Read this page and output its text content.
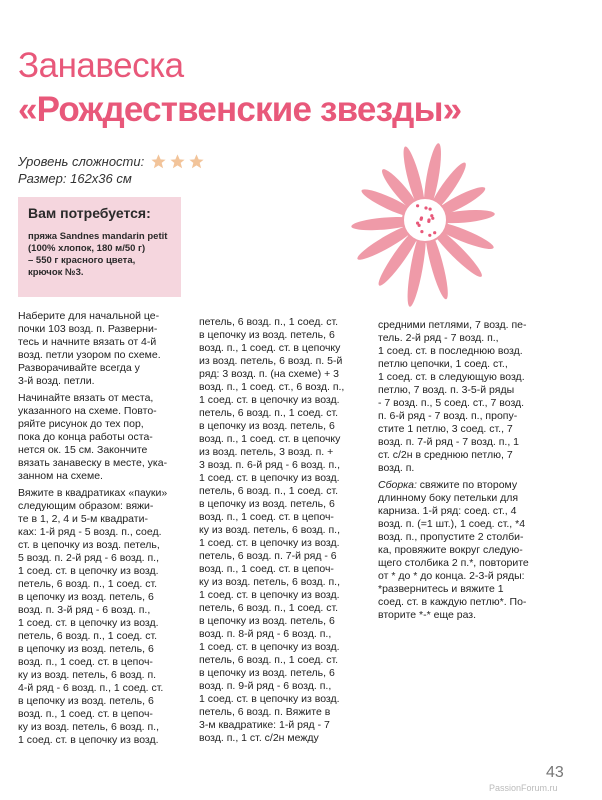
Занавеска
«Рождественские звезды»
Уровень сложности:
Размер: 162х36 см
Вам потребуется:
пряжа Sandnes mandarin petit
(100% хлопок, 180 м/50 г)
– 550 г красного цвета,
крючок №3.

Наберите для начальной це-
почки 103 возд. п. Разверни-
тесь и начните вязать от 4-й
возд. петли узором по схеме.
Разворачивайте всегда у
3-й возд. петли.

Начинайте вязать от места,
указанного на схеме. Повто-
ряйте рисунок до тех пор,
пока до конца работы оста-
нется ок. 15 см. Закончите
вязать занавеску в месте, ука-
занном на схеме.

Вяжите в квадратиках «пауки»
следующим образом: вяжи-
те в 1, 2, 4 и 5-м квадрати-
ках: 1-й ряд - 5 возд. п., соед.
ст. в цепочку из возд. петель,
5 возд. п. 2-й ряд - 6 возд. п.,
1 соед. ст. в цепочку из возд.
петель, 6 возд. п., 1 соед. ст.
в цепочку из возд. петель, 6
возд. п. 3-й ряд - 6 возд. п.,
1 соед. ст. в цепочку из возд.
петель, 6 возд. п., 1 соед. ст.
в цепочку из возд. петель, 6
возд. п., 1 соед. ст. в цепоч-
ку из возд. петель, 6 возд. п.
4-й ряд - 6 возд. п., 1 соед. ст.
в цепочку из возд. петель, 6
возд. п., 1 соед. ст. в цепоч-
ку из возд. петель, 6 возд. п.,
1 соед. ст. в цепочку из возд.

петель, 6 возд. п., 1 соед. ст.
в цепочку из возд. петель, 6
возд. п., 1 соед. ст. в цепочку
из возд. петель, 6 возд. п. 5-й
ряд: 3 возд. п. (на схеме) + 3
возд. п., 1 соед. ст., 6 возд. п.,
1 соед. ст. в цепочку из возд.
петель, 6 возд. п., 1 соед. ст.
в цепочку из возд. петель, 6
возд. п., 1 соед. ст. в цепочку
из возд. петель, 3 возд. п. +
3 возд. п. 6-й ряд - 6 возд. п.,
1 соед. ст. в цепочку из возд.
петель, 6 возд. п., 1 соед. ст.
в цепочку из возд. петель, 6
возд. п., 1 соед. ст. в цепоч-
ку из возд. петель, 6 возд. п.,
1 соед. ст. в цепочку из возд.
петель, 6 возд. п. 7-й ряд - 6
возд. п., 1 соед. ст. в цепоч-
ку из возд. петель, 6 возд. п.,
1 соед. ст. в цепочку из возд.
петель, 6 возд. п., 1 соед. ст.
в цепочку из возд. петель, 6
возд. п. 8-й ряд - 6 возд. п.,
1 соед. ст. в цепочку из возд.
петель, 6 возд. п., 1 соед. ст.
в цепочку из возд. петель, 6
возд. п. 9-й ряд - 6 возд. п.,
1 соед. ст. в цепочку из возд.
петель, 6 возд. п. Вяжите в
3-м квадратике: 1-й ряд - 7
возд. п., 1 ст. с/2н между

средними петлями, 7 возд. пе-
тель. 2-й ряд - 7 возд. п.,
1 соед. ст. в последнюю возд.
петлю цепочки, 1 соед. ст.,
1 соед. ст. в следующую возд.
петлю, 7 возд. п. 3-5-й ряды
- 7 возд. п., 5 соед. ст., 7 возд.
п. 6-й ряд - 7 возд. п., пропу-
стите 1 петлю, 3 соед. ст., 7
возд. п. 7-й ряд - 7 возд. п., 1
ст. с/2н в среднюю петлю, 7
возд. п.

Сборка: свяжите по второму
длинному боку петельки для
карниза. 1-й ряд: соед. ст., 4
возд. п. (=1 шт.), 1 соед. ст., *4
возд. п., пропустите 2 столби-
ка, провяжите вокруг следую-
щего столбика 2 п.*, повторите
от * до * до конца. 2-3-й ряды:
*развернитесь и вяжите 1
соед. ст. в каждую петлю*. По-
вторите *-* еще раз.

43
PassionForum.ru
